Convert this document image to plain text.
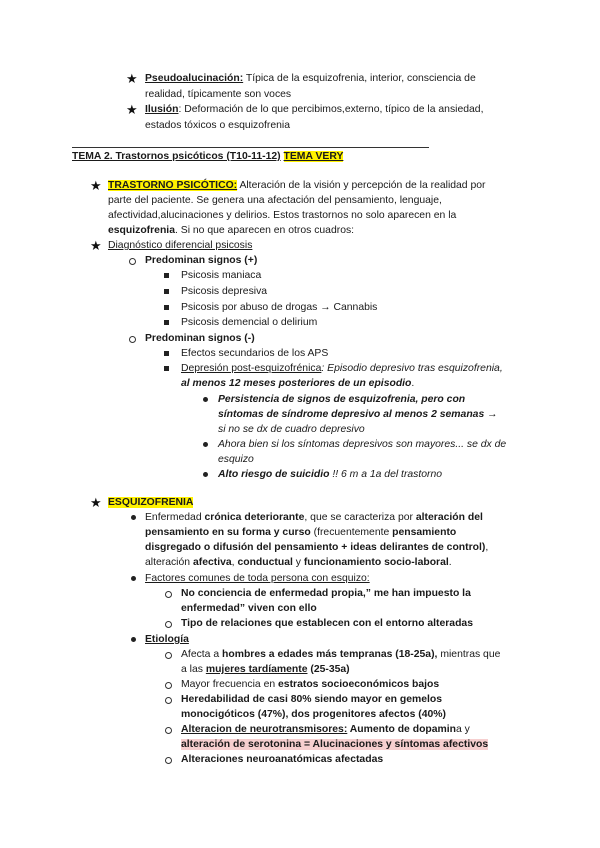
★ Pseudoalucinación: Típica de la esquizofrenia, interior, consciencia de
realidad, típicamente son voces
★ Ilusión: Deformación de lo que percibimos,externo, típico de la ansiedad,
estados tóxicos o esquizofrenia
TEMA 2. Trastornos psicóticos (T10-11-12) TEMA VERY
★ TRASTORNO PSICÓTICO: Alteración de la visión y percepción de la realidad por
parte del paciente. Se genera una afectación del pensamiento, lenguaje,
afectividad,alucinaciones y delirios. Estos trastornos no solo aparecen en la
esquizofrenia. Si no que aparecen en otros cuadros:
★ Diagnóstico diferencial psicosis
Predominan signos (+)
Psicosis maniaca
Psicosis depresiva
Psicosis por abuso de drogas → Cannabis
Psicosis demencial o delirium
Predominan signos (-)
Efectos secundarios de los APS
Depresión post-esquizofrénica: Episodio depresivo tras esquizofrenia,
al menos 12 meses posteriores de un episodio.
Persistencia de signos de esquizofrenia, pero con
síntomas de síndrome depresivo al menos 2 semanas →
si no se dx de cuadro depresivo
Ahora bien si los síntomas depresivos son mayores... se dx de
esquizo
Alto riesgo de suicidio !! 6 m a 1a del trastorno
★ ESQUIZOFRENIA
Enfermedad crónica deteriorante, que se caracteriza por alteración del
pensamiento en su forma y curso (frecuentemente pensamiento
disgregado o difusión del pensamiento + ideas delirantes de control),
alteración afectiva, conductual y funcionamiento socio-laboral.
Factores comunes de toda persona con esquizo:
No conciencia de enfermedad propia,” me han impuesto la
enfermedad” viven con ello
Tipo de relaciones que establecen con el entorno alteradas
Etiología
Afecta a hombres a edades más tempranas (18-25a), mientras que
a las mujeres tardíamente (25-35a)
Mayor frecuencia en estratos socioeconómicos bajos
Heredabilidad de casi 80% siendo mayor en gemelos
monocigóticos (47%), dos progenitores afectos (40%)
Alteracion de neurotransmisores: Aumento de dopamina y
alteración de serotonina = Alucinaciones y síntomas afectivos
Alteraciones neuroanatómicas afectadas
